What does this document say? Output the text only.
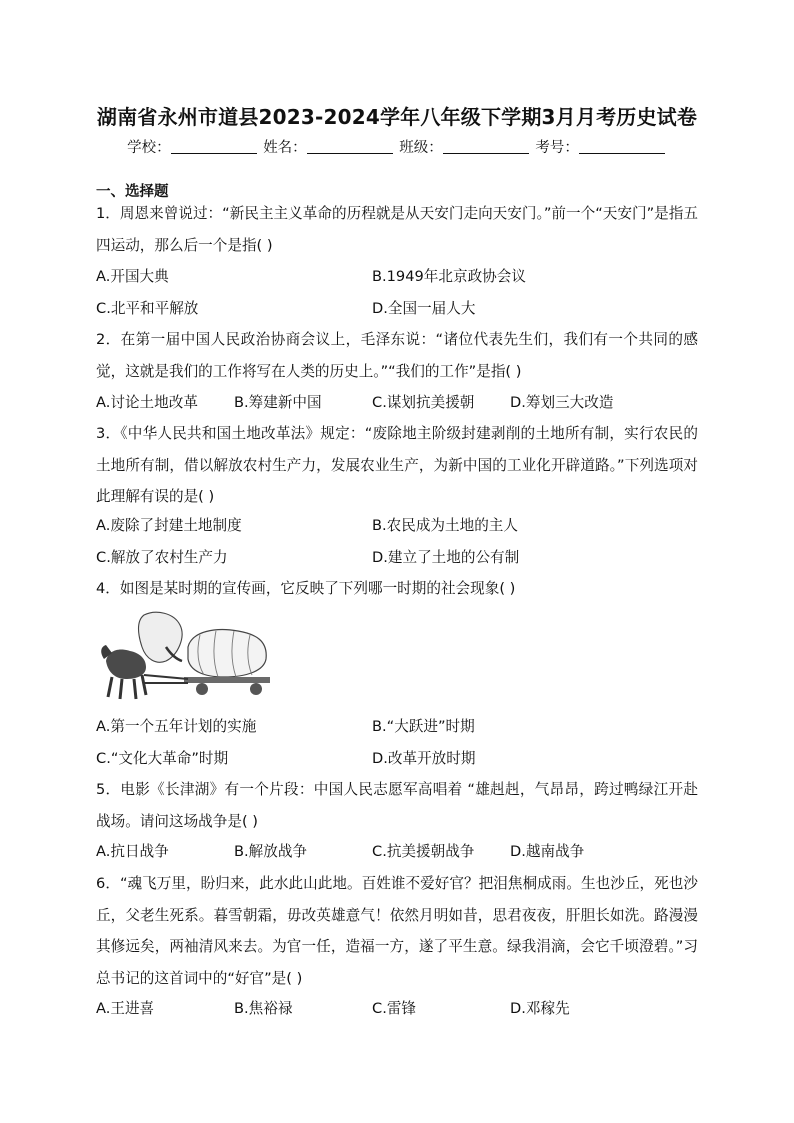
湖南省永州市道县2023-2024学年八年级下学期3月月考历史试卷
学校：	姓名：	班级：	考号：
一、选择题
1．周恩来曾说过：“新民主主义革命的历程就是从天安门走向天安门。”前一个“天安门”是指五四运动，那么后一个是指( )
A.开国大典	B.1949年北京政协会议
C.北平和平解放	D.全国一届人大
2．在第一届中国人民政治协商会议上，毛泽东说：“诸位代表先生们，我们有一个共同的感觉，这就是我们的工作将写在人类的历史上。”“我们的工作”是指( )
A.讨论土地改革 B.筹建新中国	C.谋划抗美援朝 D.筹划三大改造
3．《中华人民共和国土地改革法》规定：“废除地主阶级封建剥削的土地所有制，实行农民的土地所有制，借以解放农村生产力，发展农业生产，为新中国的工业化开辟道路。”下列选项对此理解有误的是( )
A.废除了封建土地制度	B.农民成为土地的主人
C.解放了农村生产力	D.建立了土地的公有制
4．如图是某时期的宣传画，它反映了下列哪一时期的社会现象( )
A.第一个五年计划的实施	B.“大跃进”时期
C.“文化大革命”时期	D.改革开放时期
5．电影《长津湖》有一个片段：中国人民志愿军高唱着 “雄赳赳，气昂昂，跨过鸭绿江开赴战场。请问这场战争是( )
A.抗日战争	B.解放战争	C.抗美援朝战争 D.越南战争
6．“魂飞万里，盼归来，此水此山此地。百姓谁不爱好官？把泪焦桐成雨。生也沙丘，死也沙丘，父老生死系。暮雪朝霜，毋改英雄意气！依然月明如昔，思君夜夜，肝胆长如洗。路漫漫其修远矣，两袖清风来去。为官一任，造福一方，遂了平生意。绿我涓滴，会它千顷澄碧。”习总书记的这首词中的“好官”是( )
A.王进喜	B.焦裕禄	C.雷锋	D.邓稼先
